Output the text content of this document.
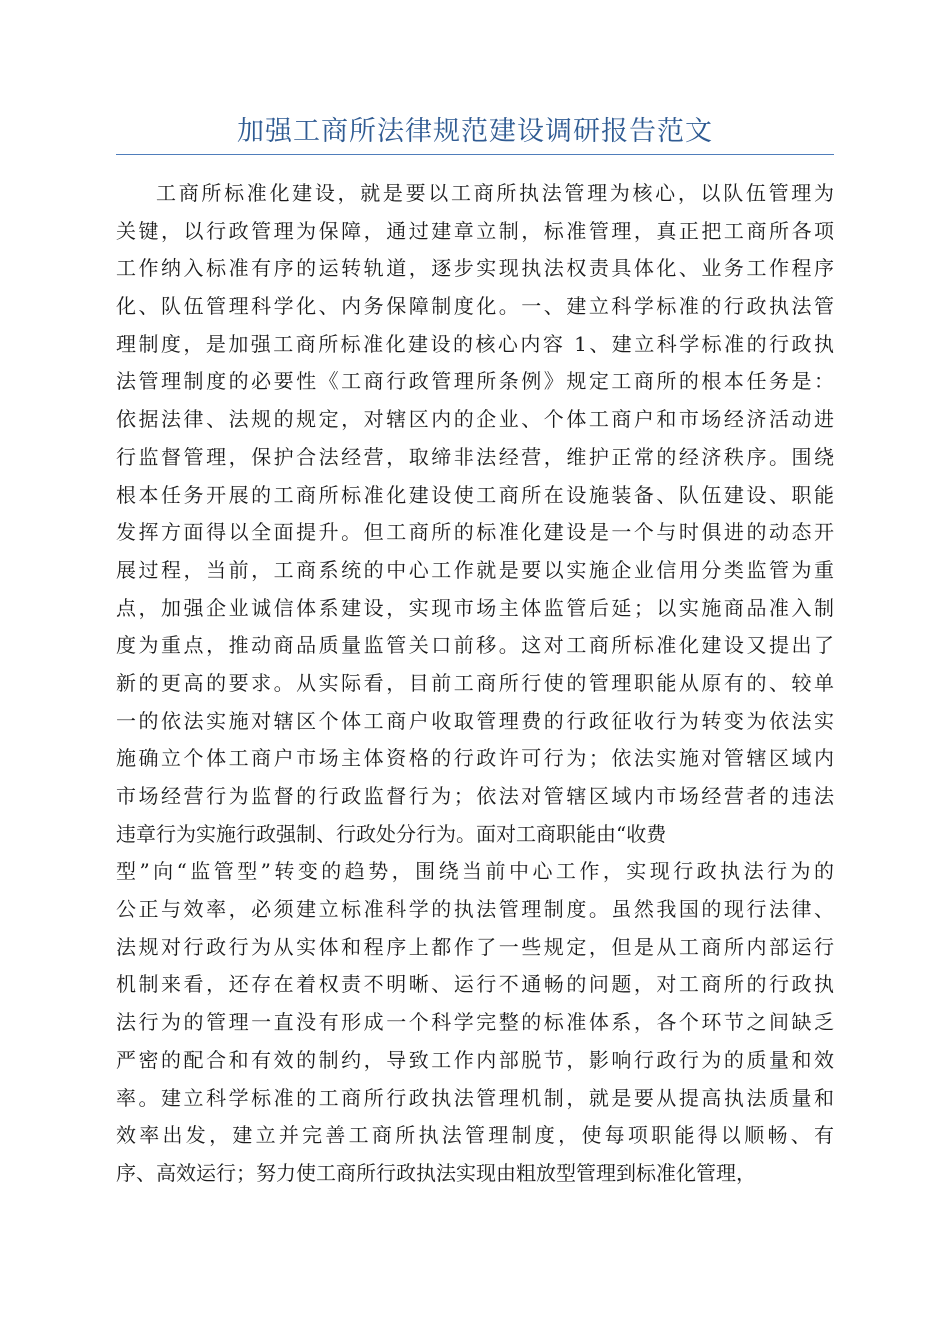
加强工商所法律规范建设调研报告范文
工商所标准化建设，就是要以工商所执法管理为核心，以队伍管理为
关键，以行政管理为保障，通过建章立制，标准管理，真正把工商所各项
工作纳入标准有序的运转轨道，逐步实现执法权责具体化、业务工作程序
化、队伍管理科学化、内务保障制度化。一、建立科学标准的行政执法管
理制度，是加强工商所标准化建设的核心内容 1、建立科学标准的行政执
法管理制度的必要性《工商行政管理所条例》规定工商所的根本任务是：
依据法律、法规的规定，对辖区内的企业、个体工商户和市场经济活动进
行监督管理，保护合法经营，取缔非法经营，维护正常的经济秩序。围绕
根本任务开展的工商所标准化建设使工商所在设施装备、队伍建设、职能
发挥方面得以全面提升。但工商所的标准化建设是一个与时俱进的动态开
展过程，当前，工商系统的中心工作就是要以实施企业信用分类监管为重
点，加强企业诚信体系建设，实现市场主体监管后延；以实施商品准入制
度为重点，推动商品质量监管关口前移。这对工商所标准化建设又提出了
新的更高的要求。从实际看，目前工商所行使的管理职能从原有的、较单
一的依法实施对辖区个体工商户收取管理费的行政征收行为转变为依法实
施确立个体工商户市场主体资格的行政许可行为；依法实施对管辖区域内
市场经营行为监督的行政监督行为；依法对管辖区域内市场经营者的违法
违章行为实施行政强制、行政处分行为。面对工商职能由“收费
型”向“监管型”转变的趋势，围绕当前中心工作，实现行政执法行为的
公正与效率，必须建立标准科学的执法管理制度。虽然我国的现行法律、
法规对行政行为从实体和程序上都作了一些规定，但是从工商所内部运行
机制来看，还存在着权责不明晰、运行不通畅的问题，对工商所的行政执
法行为的管理一直没有形成一个科学完整的标准体系，各个环节之间缺乏
严密的配合和有效的制约，导致工作内部脱节，影响行政行为的质量和效
率。建立科学标准的工商所行政执法管理机制，就是要从提高执法质量和
效率出发，建立并完善工商所执法管理制度，使每项职能得以顺畅、有
序、高效运行；努力使工商所行政执法实现由粗放型管理到标准化管理，
